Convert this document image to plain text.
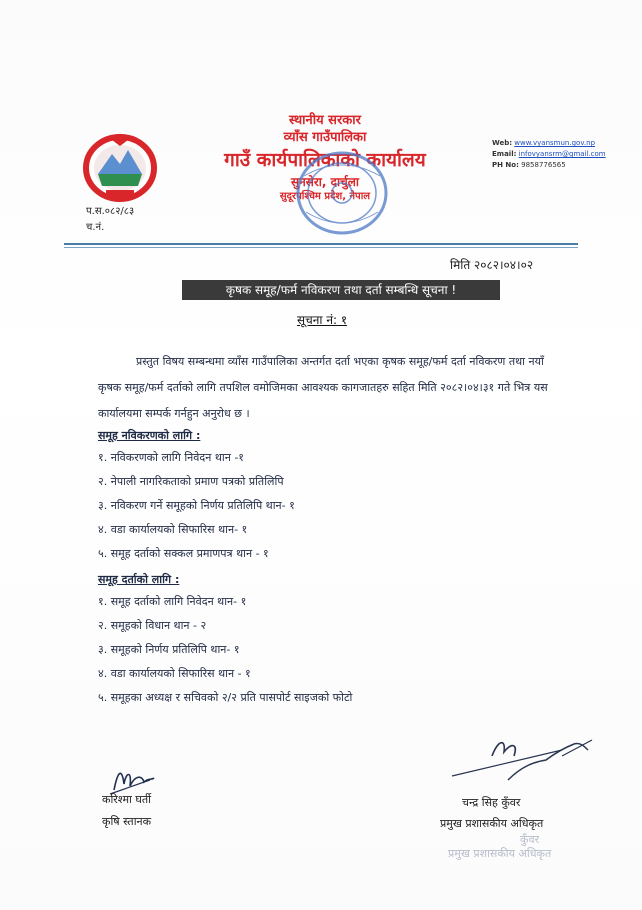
प.स.०८२/८३
च.नं.
स्थानीय सरकार
व्याँस गाउँपालिका
गाउँ कार्यपालिकाको कार्यालय
सुनसेरा, दार्चुला
सुदूरपश्चिम प्रदेश, नेपाल
Web: www.vyansmun.gov.np
Email: infovyansrm@gmail.com
PH No: 9858776565
मिति २०८२।०४।०२
कृषक समूह/फर्म नविकरण तथा दर्ता सम्बन्धि सूचना !
सूचना नं: १
प्रस्तुत विषय सम्बन्धमा व्याँस गाउँपालिका अन्तर्गत दर्ता भएका कृषक समूह/फर्म दर्ता नविकरण तथा नयाँ कृषक समूह/फर्म दर्ताको लागि तपशिल वमोजिमका आवश्यक कागजातहरु सहित मिति २०८२।०४।३१ गते भित्र यस कार्यालयमा सम्पर्क गर्नहुन अनुरोध छ ।
समूह नविकरणको लागि :
१. नविकरणको लागि निवेदन थान -१
२. नेपाली नागरिकताको प्रमाण पत्रको प्रतिलिपि
३. नविकरण गर्ने समूहको निर्णय प्रतिलिपि थान- १
४. वडा कार्यालयको सिफारिस थान- १
५. समूह दर्ताको सक्कल प्रमाणपत्र थान - १
समूह दर्ताको लागि :
१. समूह दर्ताको लागि निवेदन थान- १
२. समूहको विधान थान - २
३. समूहको निर्णय प्रतिलिपि थान- १
४. वडा कार्यालयको सिफारिस थान - १
५. समूहका अध्यक्ष र सचिवको २/२ प्रति पासपोर्ट साइजको फोटो
करिश्मा घर्ती
कृषि स्तानक
चन्द्र सिह कुँवर
प्रमुख प्रशासकीय अधिकृत
कुँवर
प्रमुख प्रशासकीय अधिकृत
